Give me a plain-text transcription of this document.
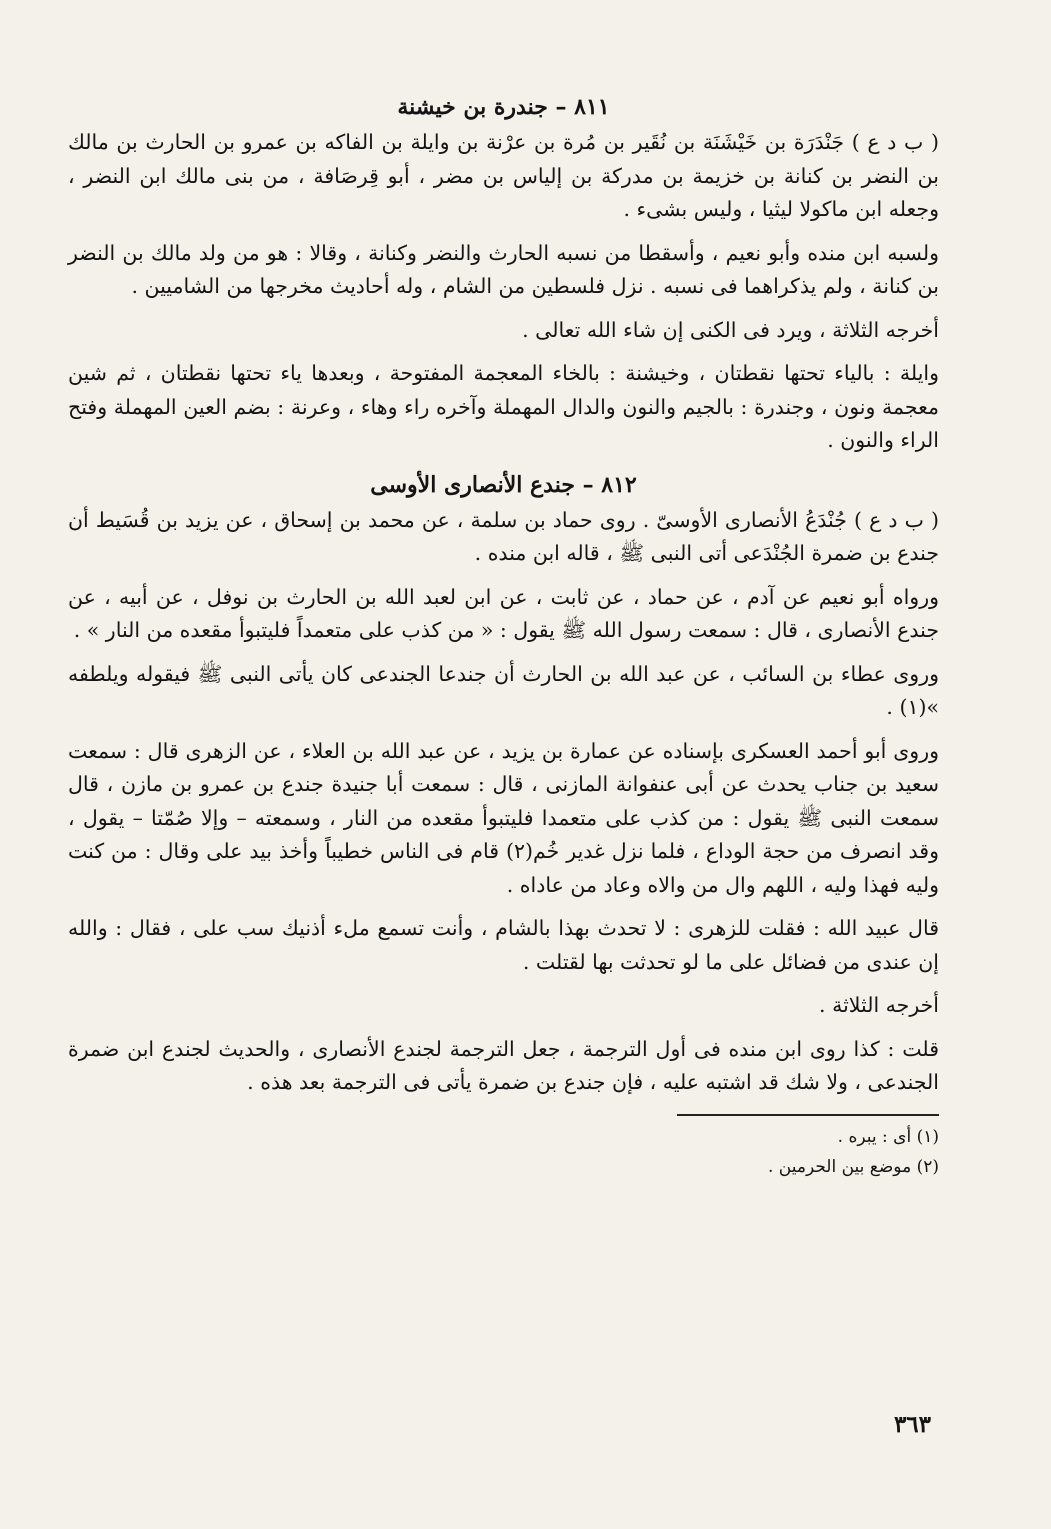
٨١١ – جندرة بن خيشنة

( ب د ع ) جَنْدَرَة بن خَيْشَنَة بن نُقَير بن مُرة بن عرْنة بن وايلة بن الفاكه بن عمرو بن الحارث بن مالك بن النضر بن كنانة بن خزيمة بن مدركة بن إلياس بن مضر ، أبو قِرصَافة ، من بنى مالك ابن النضر ، وجعله ابن ماكولا ليثيا ، وليس بشىء .

ولسبه ابن منده وأبو نعيم ، وأسقطا من نسبه الحارث والنضر وكنانة ، وقالا : هو من ولد مالك بن النضر بن كنانة ، ولم يذكراهما فى نسبه . نزل فلسطين من الشام ، وله أحاديث مخرجها من الشاميين .

أخرجه الثلاثة ، ويرد فى الكنى إن شاء الله تعالى .

وايلة : بالياء تحتها نقطتان ، وخيشنة : بالخاء المعجمة المفتوحة ، وبعدها ياء تحتها نقطتان ، ثم شين معجمة ونون ، وجندرة : بالجيم والنون والدال المهملة وآخره راء وهاء ، وعرنة : بضم العين المهملة وفتح الراء والنون .

٨١٢ – جندع الأنصارى الأوسى

( ب د ع ) جُنْدَعُ الأنصارى الأوسىّ . روى حماد بن سلمة ، عن محمد بن إسحاق ، عن يزيد بن قُسَيط أن جندع بن ضمرة الجُنْدَعى أتى النبى ﷺ ، قاله ابن منده .

ورواه أبو نعيم عن آدم ، عن حماد ، عن ثابت ، عن ابن لعبد الله بن الحارث بن نوفل ، عن أبيه ، عن جندع الأنصارى ، قال : سمعت رسول الله ﷺ يقول : « من كذب على متعمداً فليتبوأ مقعده من النار » .

وروى عطاء بن السائب ، عن عبد الله بن الحارث أن جندعا الجندعى كان يأتى النبى ﷺ فيقوله ويلطفه »(١) .

وروى أبو أحمد العسكرى بإسناده عن عمارة بن يزيد ، عن عبد الله بن العلاء ، عن الزهرى قال : سمعت سعيد بن جناب يحدث عن أبى عنفوانة المازنى ، قال : سمعت أبا جنيدة جندع بن عمرو بن مازن ، قال سمعت النبى ﷺ يقول : من كذب على متعمدا فليتبوأ مقعده من النار ، وسمعته – وإلا صُمّتا – يقول ، وقد انصرف من حجة الوداع ، فلما نزل غدير خُم(٢) قام فى الناس خطيباً وأخذ بيد على وقال : من كنت وليه فهذا وليه ، اللهم وال من والاه وعاد من عاداه .

قال عبيد الله : فقلت للزهرى : لا تحدث بهذا بالشام ، وأنت تسمع ملء أذنيك سب على ، فقال : والله إن عندى من فضائل على ما لو تحدثت بها لقتلت .

أخرجه الثلاثة .

قلت : كذا روى ابن منده فى أول الترجمة ، جعل الترجمة لجندع الأنصارى ، والحديث لجندع ابن ضمرة الجندعى ، ولا شك قد اشتبه عليه ، فإن جندع بن ضمرة يأتى فى الترجمة بعد هذه .

(١) أى : يبره .

(٢) موضع بين الحرمين .

٣٦٣
